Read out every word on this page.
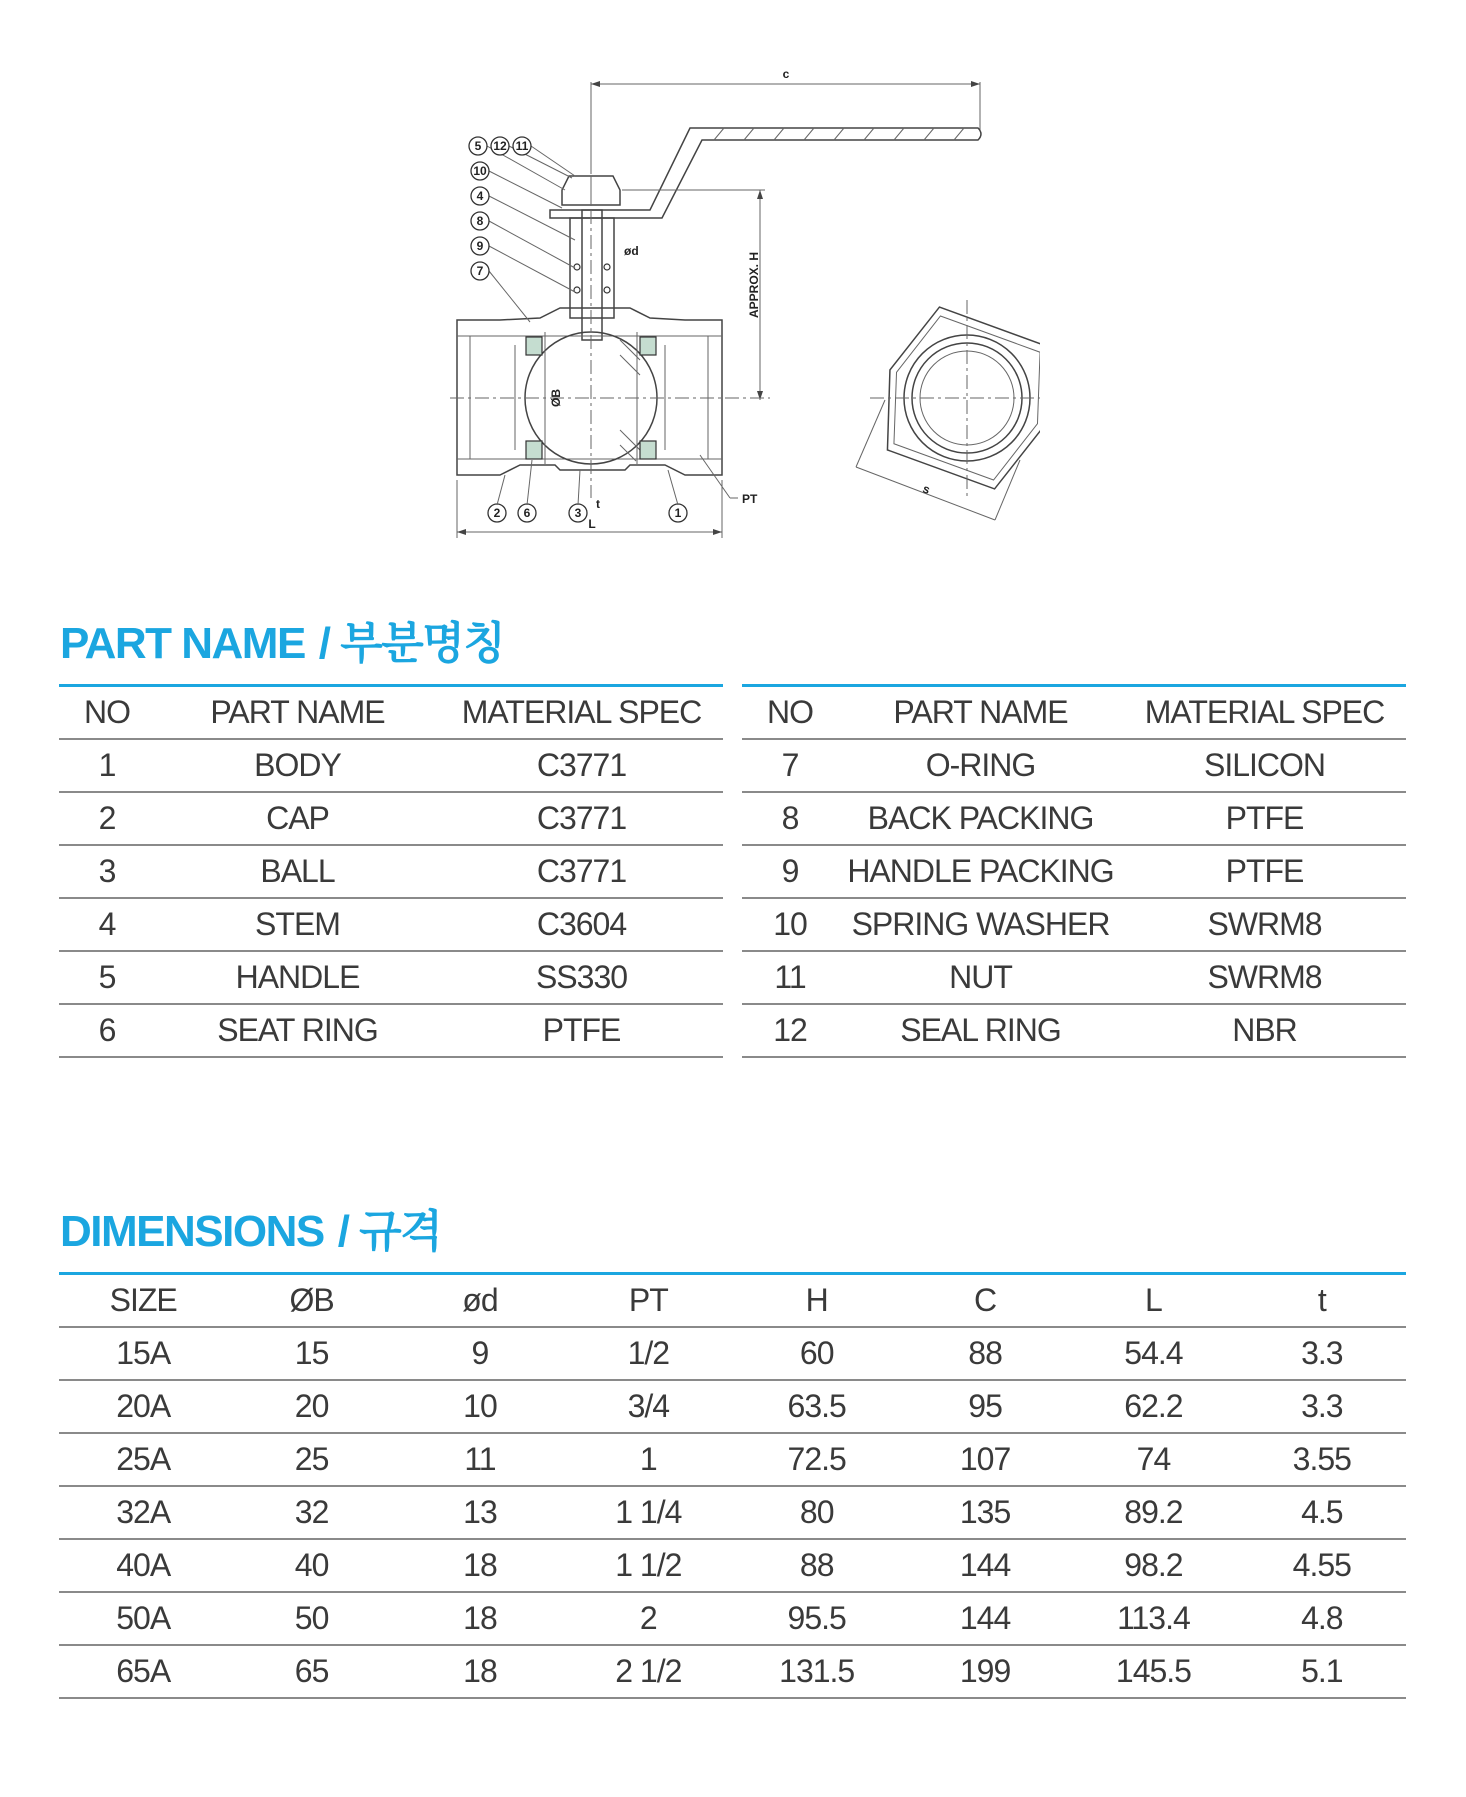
c
ød
APPROX. H
ØB
5 12 11
10
4
8
9
7
2 6	3	1
PT
t
L
s
PART NAME / 부분명칭
NO	PART NAME	MATERIAL SPEC
1	BODY	C3771
2	CAP	C3771
3	BALL	C3771
4	STEM	C3604
5	HANDLE	SS330
6	SEAT RING	PTFE
NO	PART NAME	MATERIAL SPEC
7	O-RING	SILICON
8	BACK PACKING	PTFE
9	HANDLE PACKING	PTFE
10	SPRING WASHER	SWRM8
11	NUT	SWRM8
12	SEAL RING	NBR
DIMENSIONS / 규격
SIZE	ØB	ød	PT	H	C	L	t
15A	15	9	1/2	60	88	54.4	3.3
20A	20	10	3/4	63.5	95	62.2	3.3
25A	25	11	1	72.5	107	74	3.55
32A	32	13	1 1/4	80	135	89.2	4.5
40A	40	18	1 1/2	88	144	98.2	4.55
50A	50	18	2	95.5	144	113.4	4.8
65A	65	18	2 1/2	131.5	199	145.5	5.1
